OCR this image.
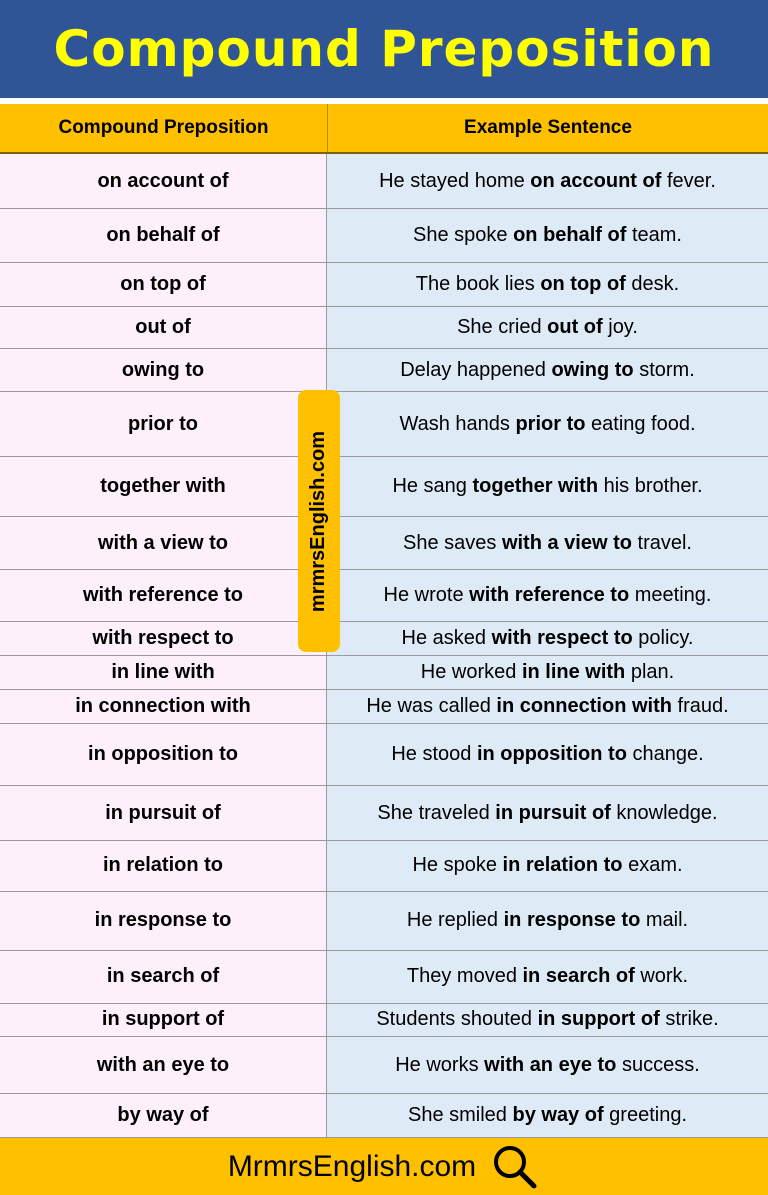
Compound Preposition
Compound Preposition	Example Sentence
on account of	He stayed home on account of fever.
on behalf of	She spoke on behalf of team.
on top of	The book lies on top of desk.
out of	She cried out of joy.
owing to	Delay happened owing to storm.
prior to	Wash hands prior to eating food.
together with	He sang together with his brother.
with a view to	She saves with a view to travel.
with reference to	He wrote with reference to meeting.
with respect to	He asked with respect to policy.
in line with	He worked in line with plan.
in connection with	He was called in connection with fraud.
in opposition to	He stood in opposition to change.
in pursuit of	She traveled in pursuit of knowledge.
in relation to	He spoke in relation to exam.
in response to	He replied in response to mail.
in search of	They moved in search of work.
in support of	Students shouted in support of strike.
with an eye to	He works with an eye to success.
by way of	She smiled by way of greeting.
mrmrsEnglish.com
MrmrsEnglish.com
